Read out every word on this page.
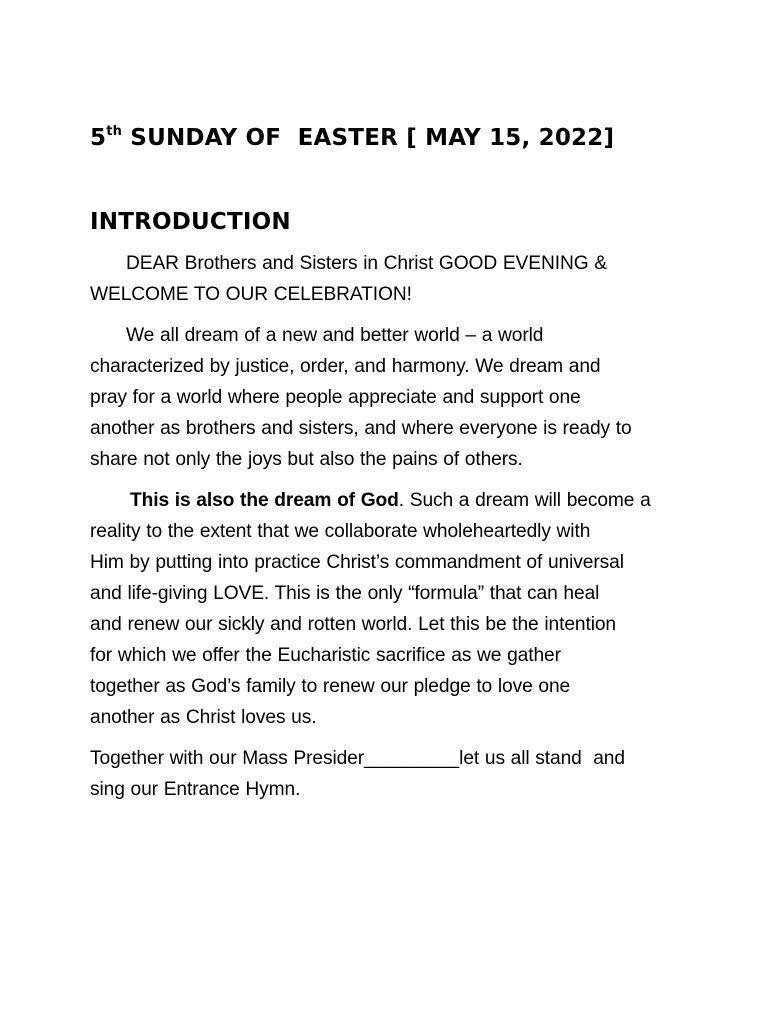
5th SUNDAY OF  EASTER [ MAY 15, 2022]
INTRODUCTION

DEAR Brothers and Sisters in Christ GOOD EVENING &
WELCOME TO OUR CELEBRATION!

We all dream of a new and better world – a world
characterized by justice, order, and harmony. We dream and
pray for a world where people appreciate and support one
another as brothers and sisters, and where everyone is ready to
share not only the joys but also the pains of others.

This is also the dream of God. Such a dream will become a
reality to the extent that we collaborate wholeheartedly with
Him by putting into practice Christ’s commandment of universal
and life-giving LOVE. This is the only “formula” that can heal
and renew our sickly and rotten world. Let this be the intention
for which we offer the Eucharistic sacrifice as we gather
together as God’s family to renew our pledge to love one
another as Christ loves us.

Together with our Mass Presider_________let us all stand  and
sing our Entrance Hymn.
